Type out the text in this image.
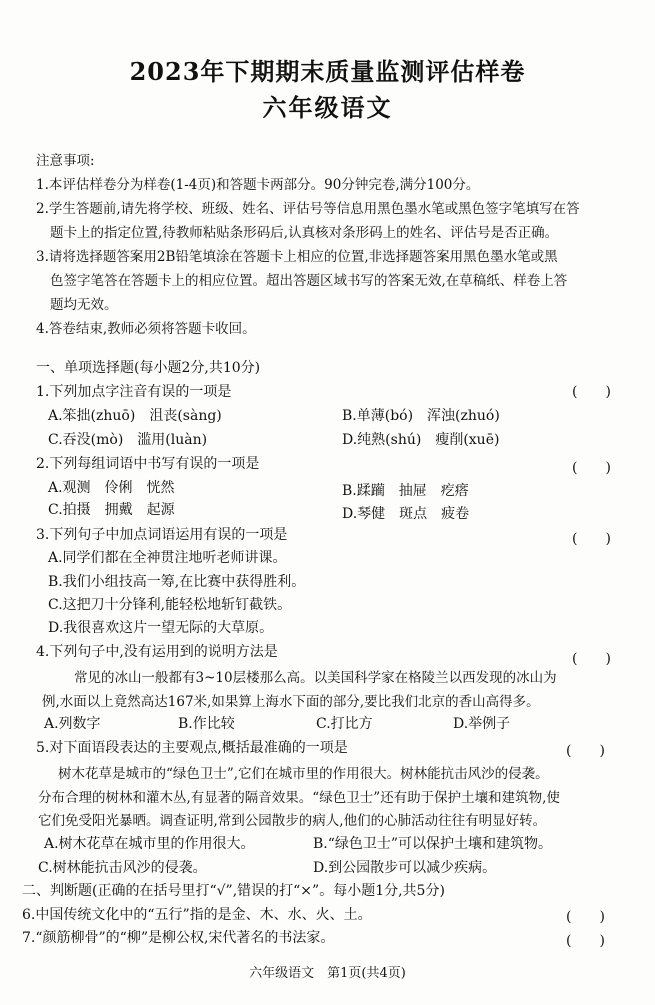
2023年下期期末质量监测评估样卷
六年级语文
注意事项:
1.本评估样卷分为样卷(1-4页)和答题卡两部分。90分钟完卷,满分100分。
2.学生答题前,请先将学校、班级、姓名、评估号等信息用黑色墨水笔或黑色签字笔填写在答
题卡上的指定位置,待教师粘贴条形码后,认真核对条形码上的姓名、评估号是否正确。
3.请将选择题答案用2B铅笔填涂在答题卡上相应的位置,非选择题答案用黑色墨水笔或黑
色签字笔答在答题卡上的相应位置。超出答题区域书写的答案无效,在草稿纸、样卷上答
题均无效。
4.答卷结束,教师必须将答题卡收回。
一、单项选择题(每小题2分,共10分)
1.下列加点字注音有误的一项是	(　　)
A.笨拙(zhuō)　沮丧(sàng)	B.单薄(bó)　浑浊(zhuó)
C.吞没(mò)　滥用(luàn)	D.纯熟(shú)　瘦削(xuē)
2.下列每组词语中书写有误的一项是	(　　)
A.观测　伶俐　恍然	B.蹂躏　抽屉　疙瘩
C.拍摄　拥戴　起源	D.琴健　斑点　疲卷
3.下列句子中加点词语运用有误的一项是	(　　)
A.同学们都在全神贯注地听老师讲课。
B.我们小组技高一筹,在比赛中获得胜利。
C.这把刀十分锋利,能轻松地斩钉截铁。
D.我很喜欢这片一望无际的大草原。
4.下列句子中,没有运用到的说明方法是	(　　)
常见的冰山一般都有3~10层楼那么高。以美国科学家在格陵兰以西发现的冰山为
例,水面以上竟然高达167米,如果算上海水下面的部分,要比我们北京的香山高得多。
A.列数字	B.作比较	C.打比方	D.举例子
5.对下面语段表达的主要观点,概括最准确的一项是	(　　)
树木花草是城市的“绿色卫士”,它们在城市里的作用很大。树林能抗击风沙的侵袭。
分布合理的树林和灌木丛,有显著的隔音效果。“绿色卫士”还有助于保护土壤和建筑物,使
它们免受阳光暴晒。调查证明,常到公园散步的病人,他们的心肺活动往往有明显好转。
A.树木花草在城市里的作用很大。	B.“绿色卫士”可以保护土壤和建筑物。
C.树林能抗击风沙的侵袭。	D.到公园散步可以减少疾病。
二、判断题(正确的在括号里打“√”,错误的打“×”。每小题1分,共5分)
6.中国传统文化中的“五行”指的是金、木、水、火、土。	(　　)
7.“颜筋柳骨”的“柳”是柳公权,宋代著名的书法家。	(　　)
六年级语文　第1页(共4页)
